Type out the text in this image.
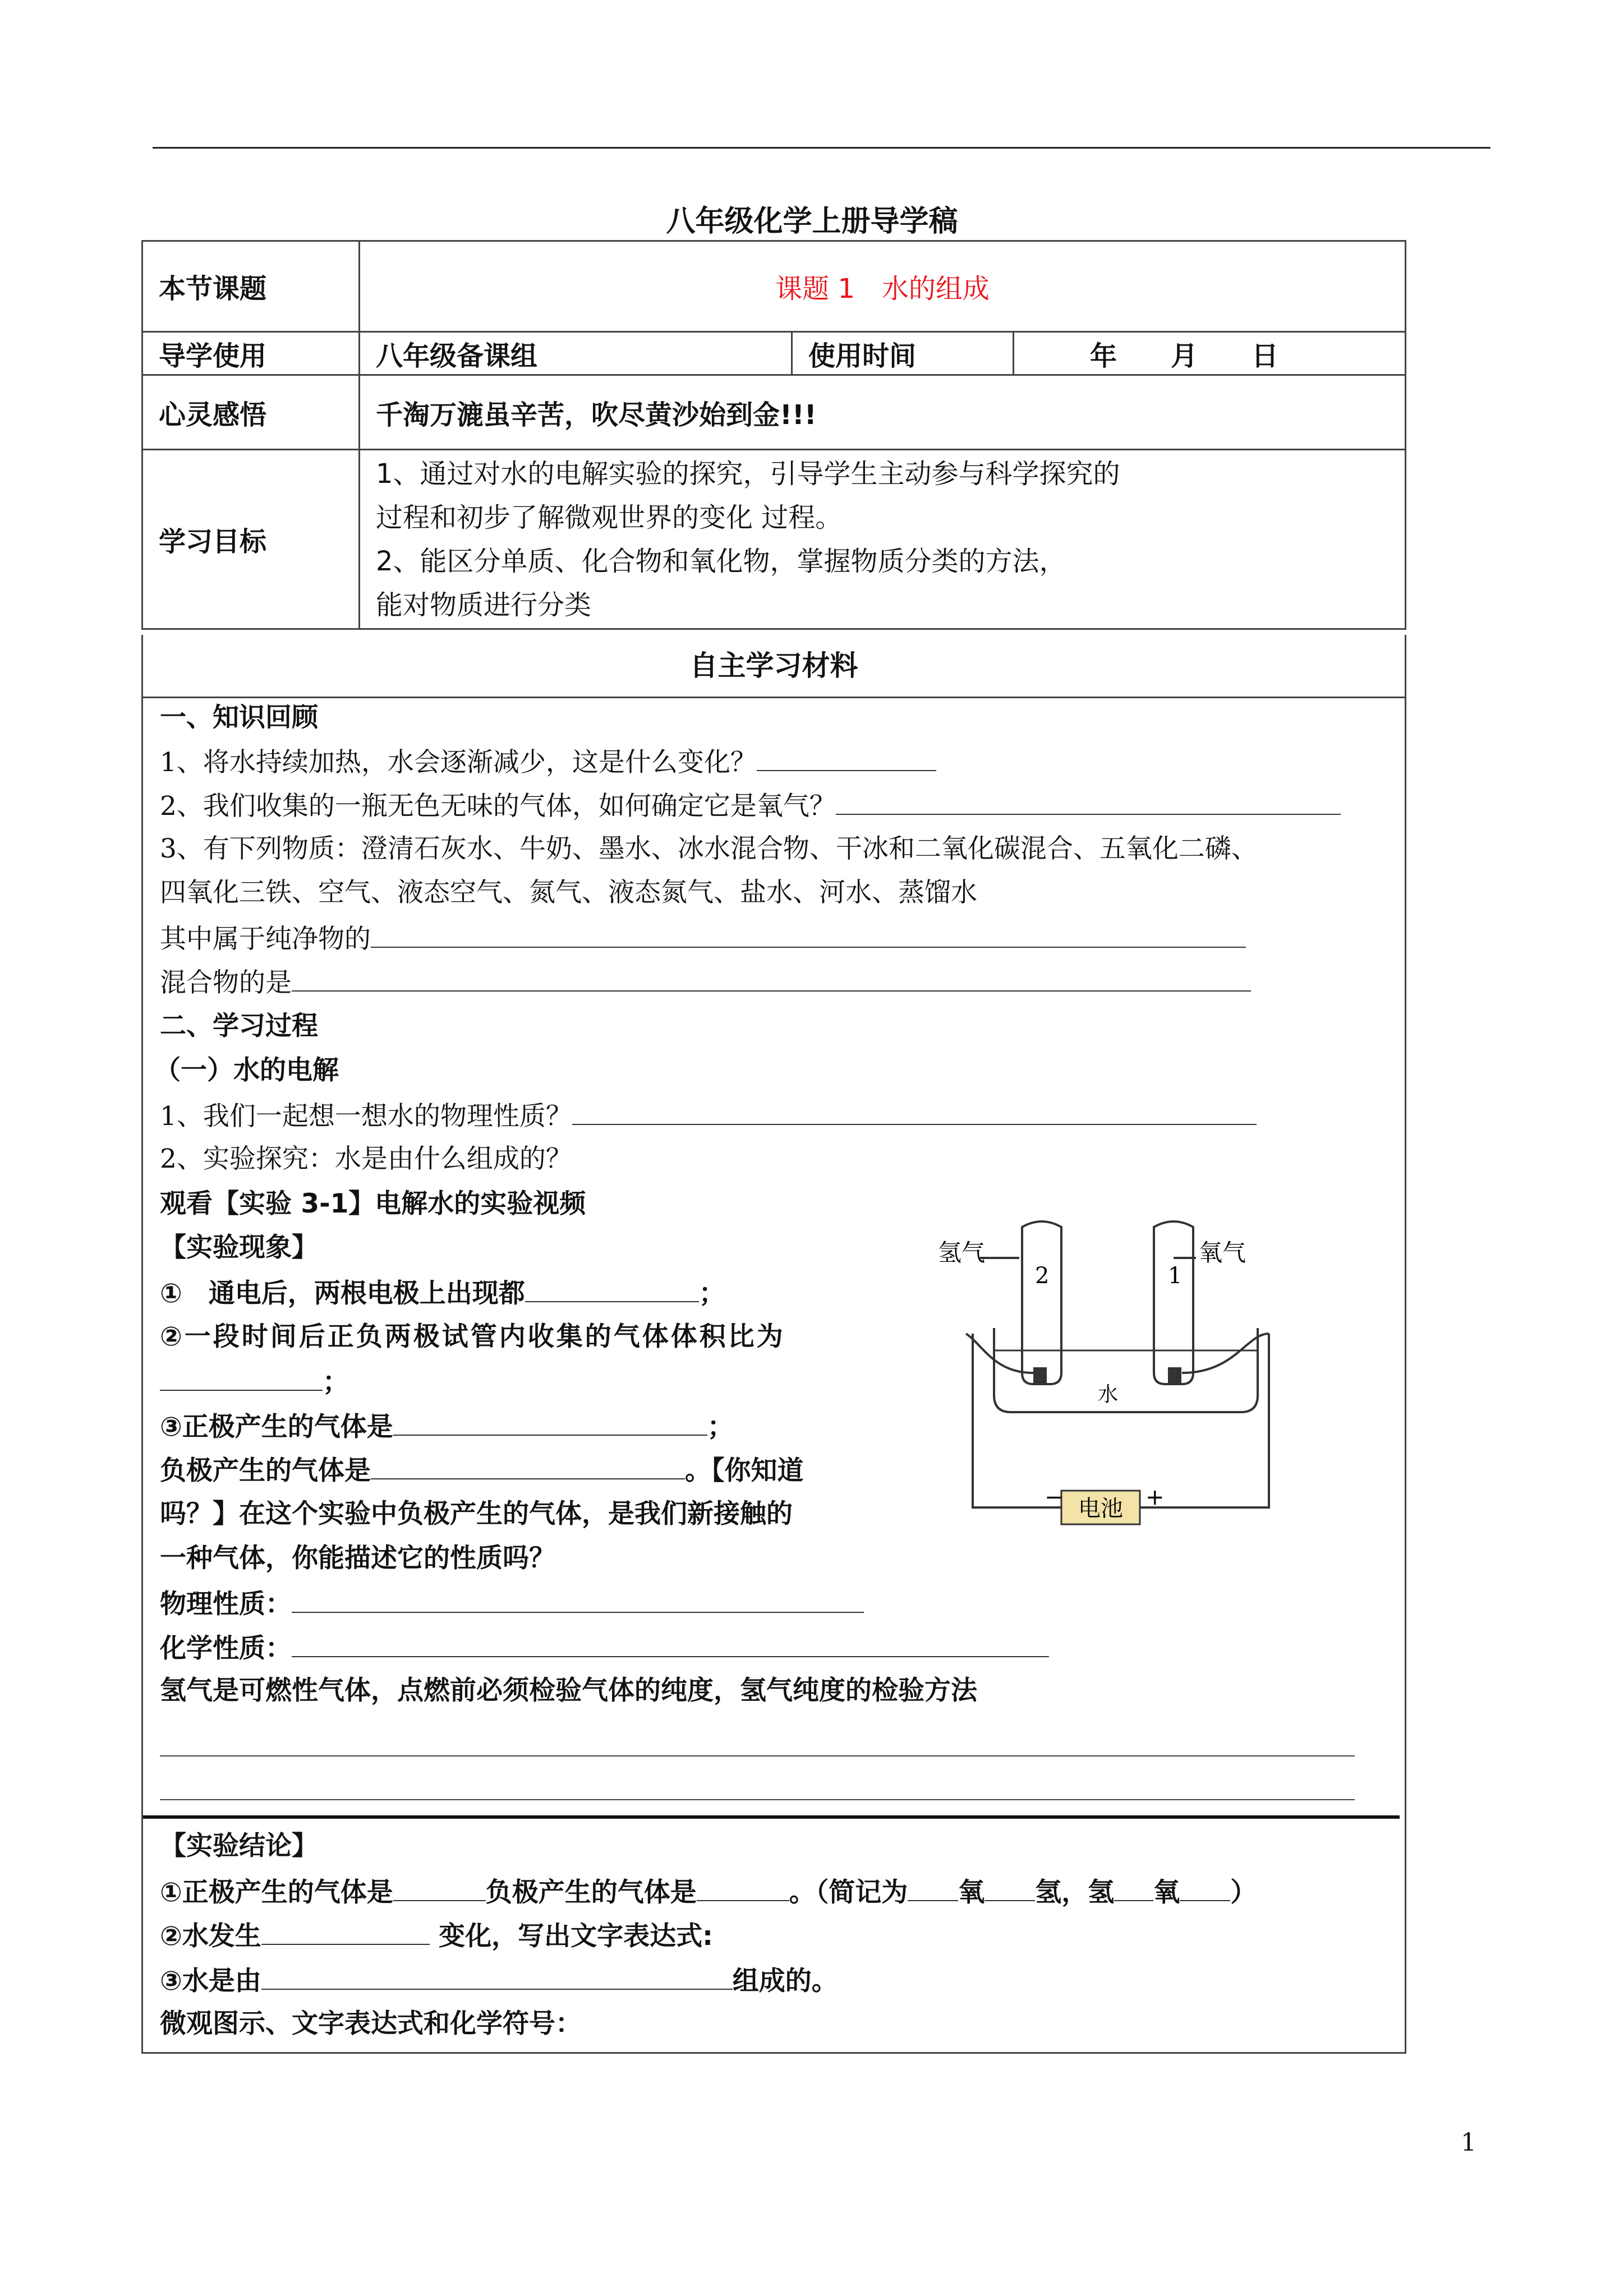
八年级化学上册导学稿
本节课题	课题 1　水的组成		
导学使用	八年级备课组	使用时间	年　　月　　日
心灵感悟	千淘万漉虽辛苦，吹尽黄沙始到金!!!		
学习目标	1、通过对水的电解实验的探究，引导学生主动参与科学探究的
过程和初步了解微观世界的变化 过程。
2、能区分单质、化合物和氧化物，掌握物质分类的方法，
能对物质进行分类		
自主学习材料
一、知识回顾
1、将水持续加热，水会逐渐减少，这是什么变化？
2、我们收集的一瓶无色无味的气体，如何确定它是氧气？
3、有下列物质：澄清石灰水、牛奶、墨水、冰水混合物、干冰和二氧化碳混合、五氧化二磷、
四氧化三铁、空气、液态空气、氮气、液态氮气、盐水、河水、蒸馏水
其中属于纯净物的
混合物的是
二、学习过程
（一）水的电解
1、我们一起想一想水的物理性质？
2、实验探究：水是由什么组成的？
观看【实验 3-1】电解水的实验视频
【实验现象】
①　通电后，两根电极上出现都	；
②一段时间后正负两极试管内收集的气体体积比为
；
③正极产生的气体是	；
负极产生的气体是	。【你知道
吗？】在这个实验中负极产生的气体，是我们新接触的
一种气体，你能描述它的性质吗？
物理性质：
化学性质：
氢气是可燃性气体，点燃前必须检验气体的纯度，氢气纯度的检验方法
【实验结论】
①正极产生的气体是	负极产生的气体是	。（简记为 氧 氢，氢 氧 ）
②水发生	变化，写出文字表达式:
③水是由	组成的。
微观图示、文字表达式和化学符号：
氢气	氧气
2	1
水
电池
−	+
1
